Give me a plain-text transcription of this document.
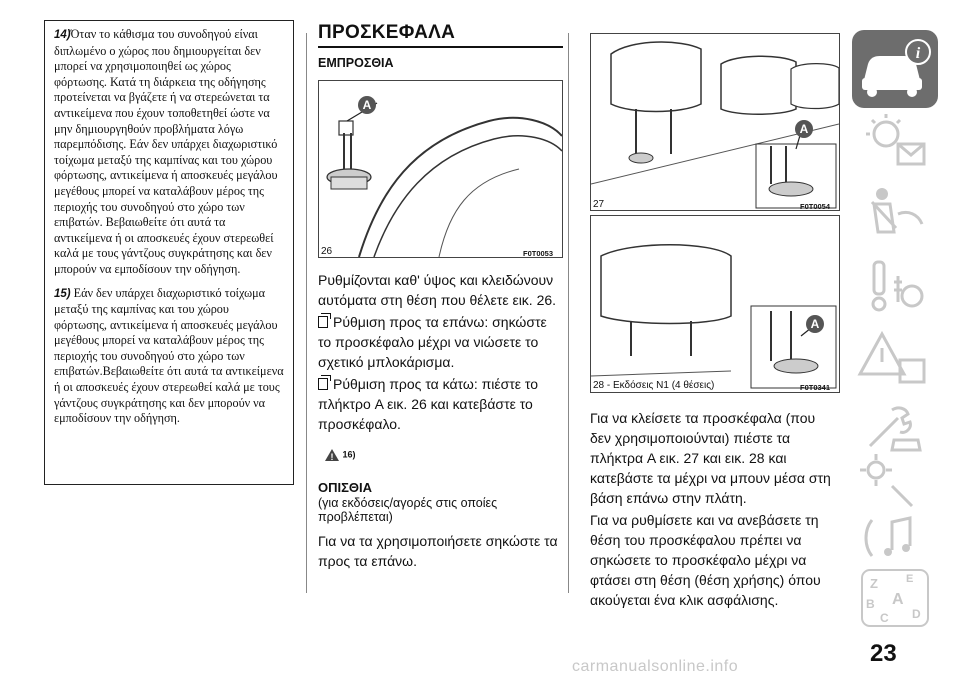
14)Όταν το κάθισμα του συνοδηγού είναι διπλωμένο ο χώρος που δημιουργείται δεν μπορεί να χρησιμοποιηθεί ως χώρος φόρτωσης. Κατά τη διάρκεια της οδήγησης προτείνεται να βγάζετε ή να στερεώνεται τα αντικείμενα που έχουν τοποθετηθεί ώστε να μην δημιουργηθούν προβλήματα λόγω παρεμπόδισης. Εάν δεν υπάρχει διαχωριστικό τοίχωμα μεταξύ της καμπίνας και του χώρου φόρτωσης, αντικείμενα ή αποσκευές μεγάλου μεγέθους μπορεί να καταλάβουν μέρος της περιοχής του συνοδηγού στο χώρο των επιβατών. Βεβαιωθείτε ότι αυτά τα αντικείμενα ή οι αποσκευές έχουν στερεωθεί καλά με τους γάντζους συγκράτησης και δεν μπορούν να εμποδίσουν την οδήγηση.

15) Εάν δεν υπάρχει διαχωριστικό τοίχωμα μεταξύ της καμπίνας και του χώρου φόρτωσης, αντικείμενα ή αποσκευές μεγάλου μεγέθους μπορεί να καταλάβουν μέρος της περιοχής του συνοδηγού στο χώρο των επιβατών.Βεβαιωθείτε ότι αυτά τα αντικείμενα ή οι αποσκευές έχουν στερεωθεί καλά με τους γάντζους συγκράτησης και δεν μπορούν να εμποδίσουν την οδήγηση.

ΠΡΟΣΚΕΦΑΛΑ
ΕΜΠΡΟΣΘΙΑ
A
26	F0T0053

Ρυθμίζονται καθ' ύψος και κλειδώνουν αυτόματα στη θέση που θέλετε εικ. 26.

Ρύθμιση προς τα επάνω: σηκώστε το προσκέφαλο μέχρι να νιώσετε το σχετικό μπλοκάρισμα.

Ρύθμιση προς τα κάτω: πιέστε το πλήκτρο A εικ. 26 και κατεβάστε το προσκέφαλο.

! 16)
ΟΠΙΣΘΙΑ
(για εκδόσεις/αγορές στις οποίες προβλέπεται)
Για να τα χρησιμοποιήσετε σηκώστε τα προς τα επάνω.
A
27	F0T0054
A
28 - Εκδόσεις N1 (4 θέσεις)	F0T0341

Για να κλείσετε τα προσκέφαλα (που δεν χρησιμοποιούνται) πιέστε τα πλήκτρα A εικ. 27 και εικ. 28 και κατεβάστε τα μέχρι να μπουν μέσα στη βάση επάνω στην πλάτη.

Για να ρυθμίσετε και να ανεβάσετε τη θέση του προσκέφαλου πρέπει να σηκώσετε το προσκέφαλο μέχρι να φτάσει στη θέση (θέση χρήσης) όπου ακούγεται ένα κλικ ασφάλισης.

i
Z	E
A
B
C D
23
carmanualsonline.info
